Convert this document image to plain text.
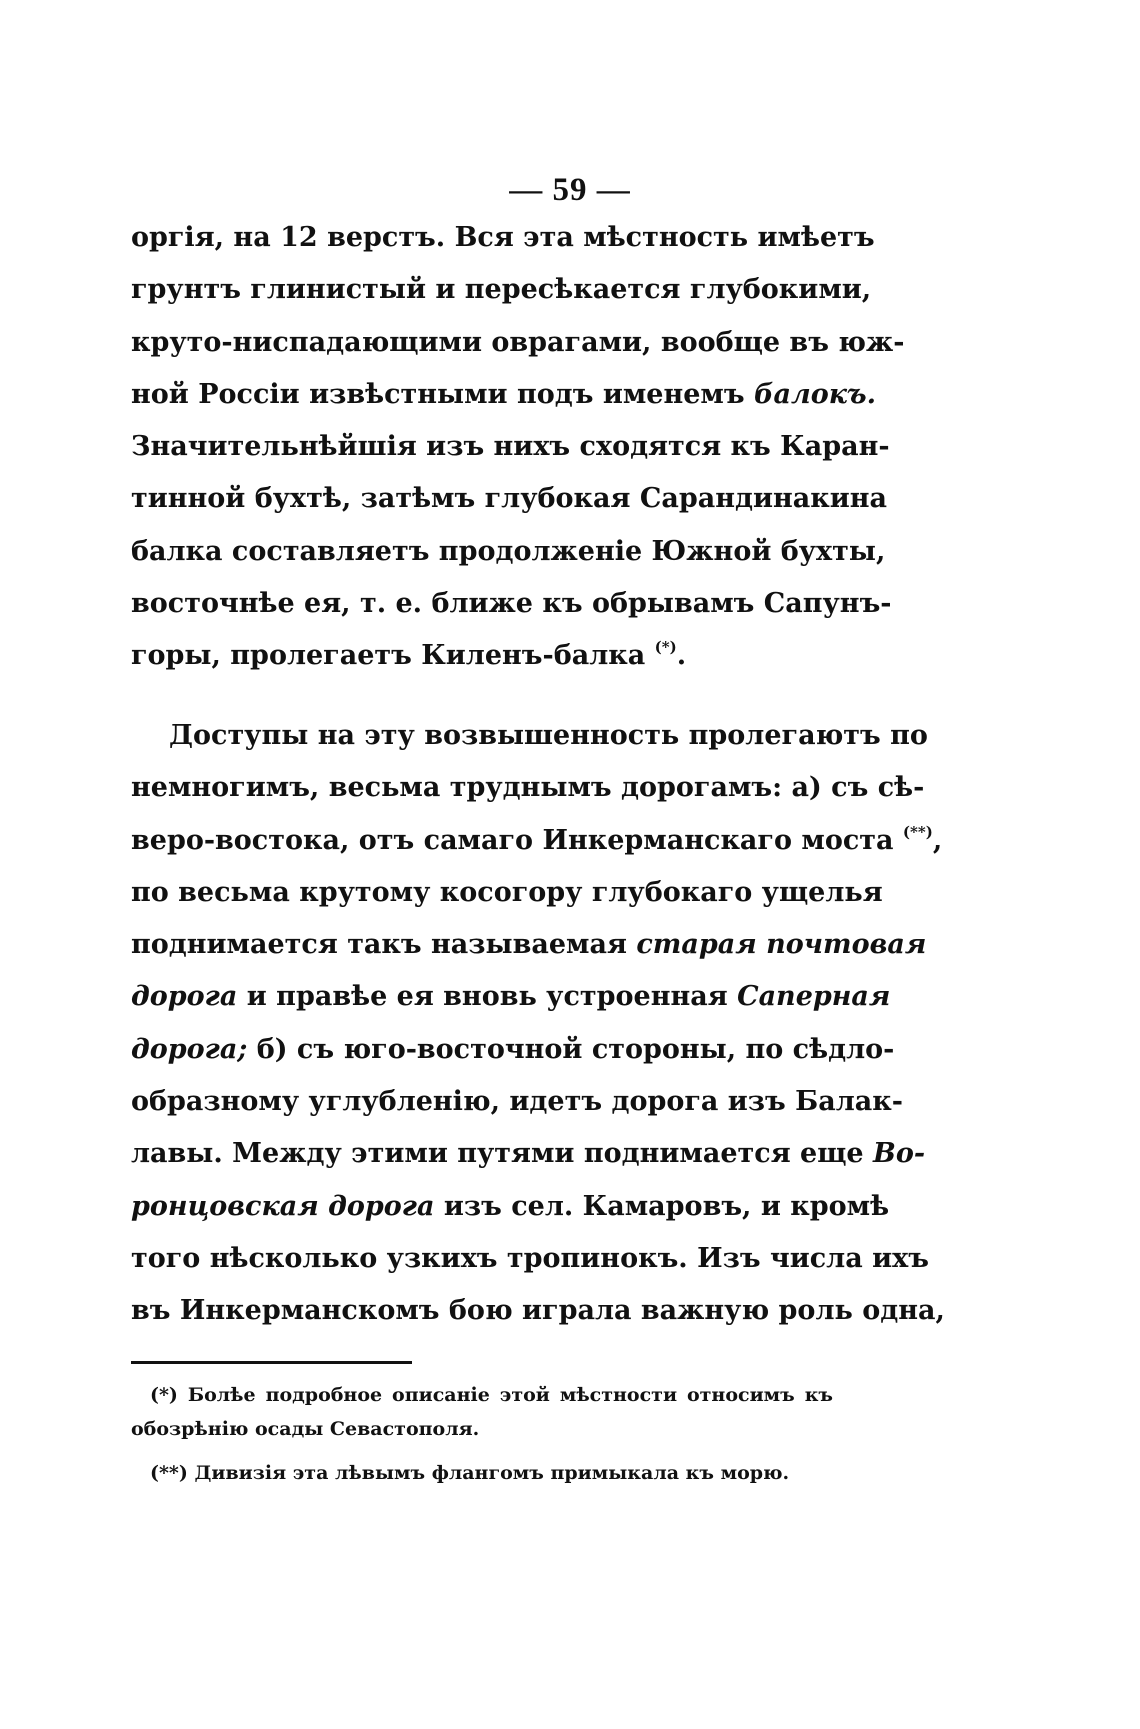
— 59 —
оргія, на 12 верстъ. Вся эта мѣстность имѣетъ
грунтъ глинистый и пересѣкается глубокими,
круто-ниспадающими оврагами, вообще въ юж-
ной Россіи извѣстными подъ именемъ балокъ.
Значительнѣйшія изъ нихъ сходятся къ Каран-
тинной бухтѣ, затѣмъ глубокая Сарандинакина
балка составляетъ продолженіе Южной бухты,
восточнѣе ея, т. е. ближе къ обрывамъ Сапунъ-
горы, пролегаетъ Киленъ-балка (*).
Доступы на эту возвышенность пролегаютъ по
немногимъ, весьма труднымъ дорогамъ: а) съ сѣ-
веро-востока, отъ самаго Инкерманскаго моста (**),
по весьма крутому косогору глубокаго ущелья
поднимается такъ называемая старая почтовая
дорога и правѣе ея вновь устроенная Саперная
дорога; б) съ юго-восточной стороны, по сѣдло-
образному углубленію, идетъ дорога изъ Балак-
лавы. Между этими путями поднимается еще Во-
ронцовская дорога изъ сел. Камаровъ, и кромѣ
того нѣсколько узкихъ тропинокъ. Изъ числа ихъ
въ Инкерманскомъ бою играла важную роль одна,
(*) Болѣе подробное описаніе этой мѣстности относимъ къ
обозрѣнію осады Севастополя.
(**) Дивизія эта лѣвымъ флангомъ примыкала къ морю.
